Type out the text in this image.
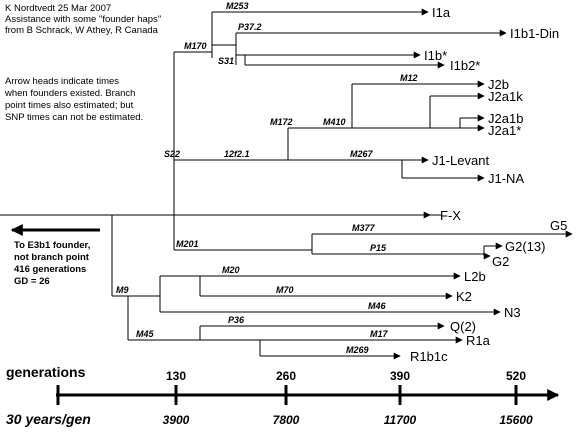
K Nordtvedt 25 Mar 2007
Assistance with some "founder haps"
from B Schrack, W Athey, R Canada
Arrow heads indicate times
when founders existed. Branch
point times also estimated; but
SNP times can not be estimated.
To E3b1 founder,
not branch point
416 generations
GD = 26
M253
P37.2
M170
S31
M12
M172	M410
S22	12f2.1	M267
M377
M201	P15
M20
M9	M70
M46
P36
M45	M17
M269
I1a
I1b1-Din
I1b*
I1b2*
J2b
J2a1k
J2a1b
J2a1*
J1-Levant
J1-NA
F-X
G5
G2(13)
G2
L2b
K2
N3
Q(2)
R1a
R1b1c
generations	130	260	390	520
30 years/gen	3900	7800	11700	15600
